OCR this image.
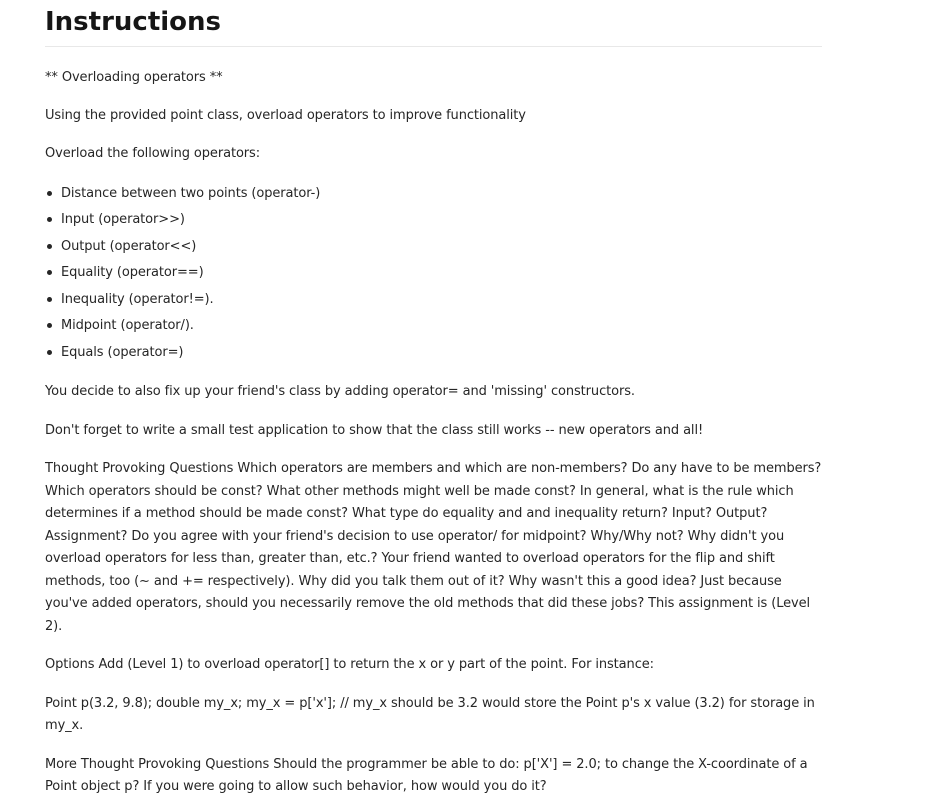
Instructions

** Overloading operators **

Using the provided point class, overload operators to improve functionality

Overload the following operators:

Distance between two points (operator-)
Input (operator>>)
Output (operator<<)
Equality (operator==)
Inequality (operator!=).
Midpoint (operator/).
Equals (operator=)

You decide to also fix up your friend's class by adding operator= and 'missing' constructors.

Don't forget to write a small test application to show that the class still works -- new operators and all!

Thought Provoking Questions Which operators are members and which are non-members? Do any have to be members? Which operators should be const? What other methods might well be made const? In general, what is the rule which determines if a method should be made const? What type do equality and and inequality return? Input? Output? Assignment? Do you agree with your friend's decision to use operator/ for midpoint? Why/Why not? Why didn't you overload operators for less than, greater than, etc.? Your friend wanted to overload operators for the flip and shift methods, too (~ and += respectively). Why did you talk them out of it? Why wasn't this a good idea? Just because you've added operators, should you necessarily remove the old methods that did these jobs? This assignment is (Level 2).

Options Add (Level 1) to overload operator[] to return the x or y part of the point. For instance:

Point p(3.2, 9.8); double my_x; my_x = p['x']; // my_x should be 3.2 would store the Point p's x value (3.2) for storage in my_x.

More Thought Provoking Questions Should the programmer be able to do: p['X'] = 2.0; to change the X-coordinate of a Point object p? If you were going to allow such behavior, how would you do it?
